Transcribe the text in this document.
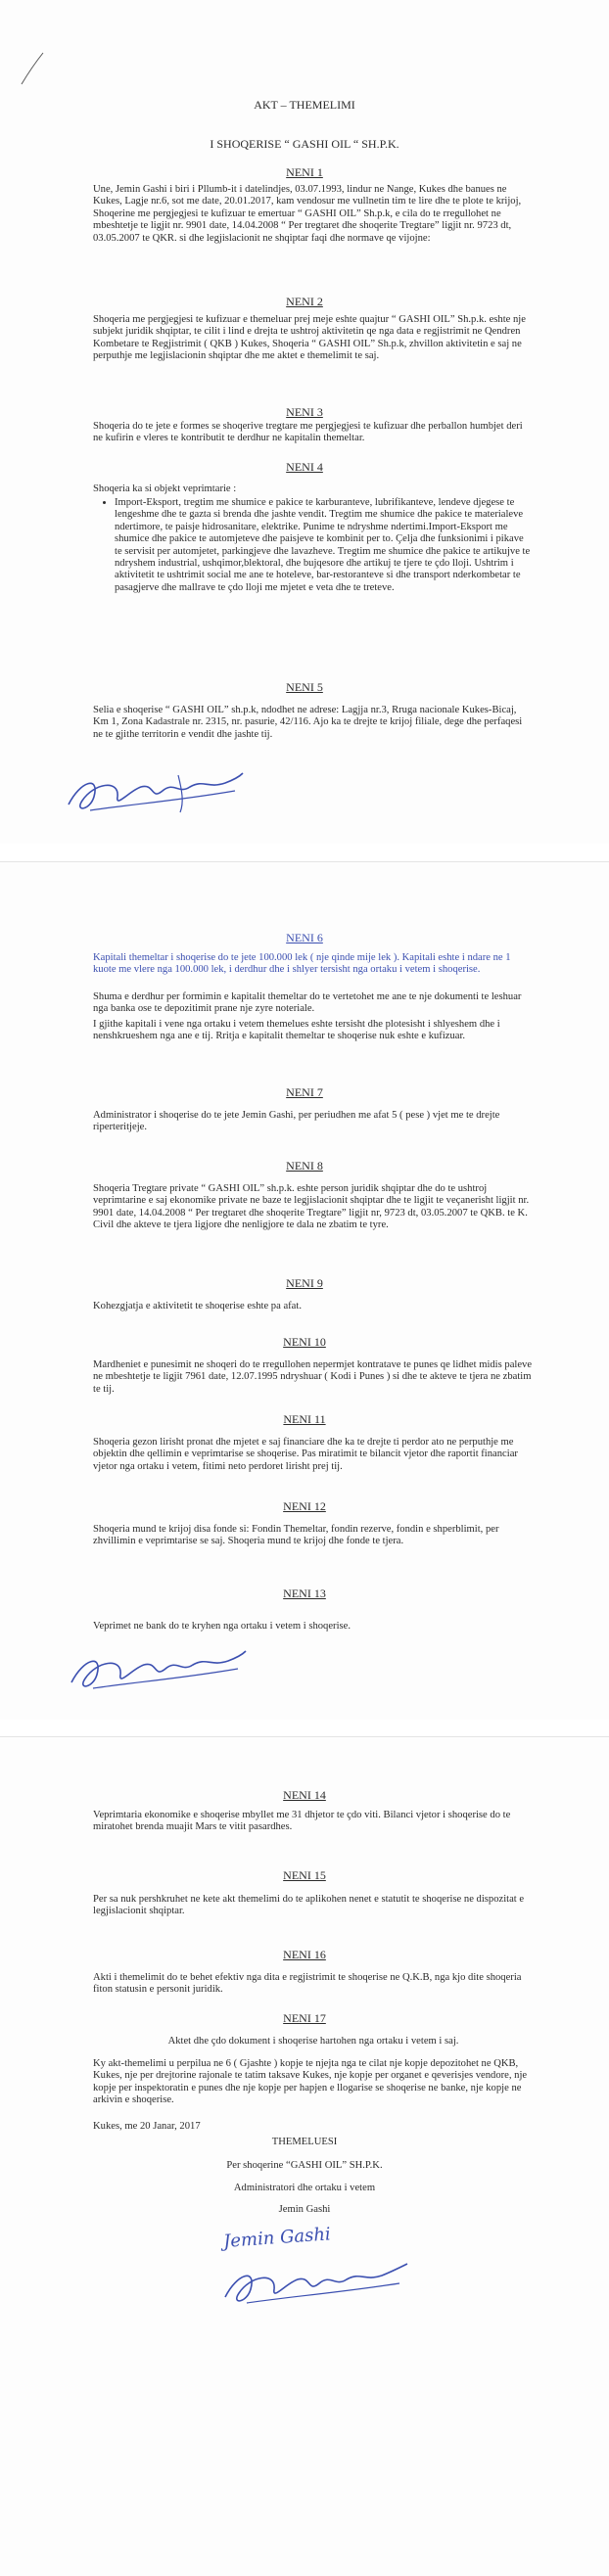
AKT – THEMELIMI

I SHOQERISE “ GASHI OIL “ SH.P.K.

NENI 1

Une, Jemin Gashi i biri i Pllumb-it i datelindjes, 03.07.1993, lindur ne Nange, Kukes dhe banues ne Kukes, Lagje nr.6, sot me date, 20.01.2017, kam vendosur me vullnetin tim te lire dhe te plote te krijoj, Shoqerine me pergjegjesi te kufizuar te emertuar “ GASHI OIL” Sh.p.k, e cila do te rregullohet ne mbeshtetje te ligjit nr. 9901 date, 14.04.2008 “ Per tregtaret dhe shoqerite Tregtare” ligjit nr. 9723 dt, 03.05.2007 te QKR. si dhe legjislacionit ne shqiptar faqi dhe normave qe vijojne:

NENI 2

Shoqeria me pergjegjesi te kufizuar e themeluar prej meje eshte quajtur “ GASHI OIL” Sh.p.k. eshte nje subjekt juridik shqiptar, te cilit i lind e drejta te ushtroj aktivitetin qe nga data e regjistrimit ne Qendren Kombetare te Regjistrimit ( QKB ) Kukes, Shoqeria “ GASHI OIL” Sh.p.k, zhvillon aktivitetin e saj ne perputhje me legjislacionin shqiptar dhe me aktet e themelimit te saj.

NENI 3

Shoqeria do te jete e formes se shoqerive tregtare me pergjegjesi te kufizuar dhe perballon humbjet deri ne kufirin e vleres te kontributit te derdhur ne kapitalin themeltar.

NENI 4

Shoqeria ka si objekt veprimtarie :

• Import-Eksport, tregtim me shumice e pakice te karburanteve, lubrifikanteve, lendeve djegese te lengeshme dhe te gazta si brenda dhe jashte vendit. Tregtim me shumice dhe pakice te materialeve ndertimore, te paisje hidrosanitare, elektrike. Punime te ndryshme ndertimi.Import-Eksport me shumice dhe pakice te automjeteve dhe paisjeve te kombinit per to. Çelja dhe funksionimi i pikave te servisit per automjetet, parkingjeve dhe lavazheve. Tregtim me shumice dhe pakice te artikujve te ndryshem industrial, ushqimor,blektoral, dhe bujqesore dhe artikuj te tjere te çdo lloji. Ushtrim i aktivitetit te ushtrimit social me ane te hoteleve, bar-restoranteve si dhe transport nderkombetar te pasagjerve dhe mallrave te çdo lloji me mjetet e veta dhe te treteve.

NENI 5

Selia e shoqerise “ GASHI OIL” sh.p.k, ndodhet ne adrese: Lagjja nr.3, Rruga nacionale Kukes-Bicaj, Km 1, Zona Kadastrale nr. 2315, nr. pasurie, 42/116. Ajo ka te drejte te krijoj filiale, dege dhe perfaqesi ne te gjithe territorin e vendit dhe jashte tij.

NENI 6

Kapitali themeltar i shoqerise do te jete 100.000 lek ( nje qinde mije lek ). Kapitali eshte i ndare ne 1 kuote me vlere nga 100.000 lek, i derdhur dhe i shlyer tersisht nga ortaku i vetem i shoqerise.

Shuma e derdhur per formimin e kapitalit themeltar do te vertetohet me ane te nje dokumenti te leshuar nga banka ose te depozitimit prane nje zyre noteriale.

I gjithe kapitali i vene nga ortaku i vetem themelues eshte tersisht dhe plotesisht i shlyeshem dhe i nenshkrueshem nga ane e tij. Rritja e kapitalit themeltar te shoqerise nuk eshte e kufizuar.

NENI 7

Administrator i shoqerise do te jete Jemin Gashi, per periudhen me afat 5 ( pese ) vjet me te drejte riperteritjeje.

NENI 8

Shoqeria Tregtare private “ GASHI OIL” sh.p.k. eshte person juridik shqiptar dhe do te ushtroj veprimtarine e saj ekonomike private ne baze te legjislacionit shqiptar dhe te ligjit te veçanerisht ligjit nr. 9901 date, 14.04.2008 “ Per tregtaret dhe shoqerite Tregtare” ligjit nr, 9723 dt, 03.05.2007 te QKB. te K. Civil dhe akteve te tjera ligjore dhe nenligjore te dala ne zbatim te tyre.

NENI 9

Kohezgjatja e aktivitetit te shoqerise eshte pa afat.

NENI 10

Mardheniet e punesimit ne shoqeri do te rregullohen nepermjet kontratave te punes qe lidhet midis paleve ne mbeshtetje te ligjit 7961 date, 12.07.1995 ndryshuar ( Kodi i Punes ) si dhe te akteve te tjera ne zbatim te tij.

NENI 11

Shoqeria gezon lirisht pronat dhe mjetet e saj financiare dhe ka te drejte ti perdor ato ne perputhje me objektin dhe qellimin e veprimtarise se shoqerise. Pas miratimit te bilancit vjetor dhe raportit financiar vjetor nga ortaku i vetem, fitimi neto perdoret lirisht prej tij.

NENI 12

Shoqeria mund te krijoj disa fonde si: Fondin Themeltar, fondin rezerve, fondin e shperblimit, per zhvillimin e veprimtarise se saj. Shoqeria mund te krijoj dhe fonde te tjera.

NENI 13

Veprimet ne bank do te kryhen nga ortaku i vetem i shoqerise.

NENI 14

Veprimtaria ekonomike e shoqerise mbyllet me 31 dhjetor te çdo viti. Bilanci vjetor i shoqerise do te miratohet brenda muajit Mars te vitit pasardhes.

NENI 15

Per sa nuk pershkruhet ne kete akt themelimi do te aplikohen nenet e statutit te shoqerise ne dispozitat e legjislacionit shqiptar.

NENI 16

Akti i themelimit do te behet efektiv nga dita e regjistrimit te shoqerise ne Q.K.B, nga kjo dite shoqeria fiton statusin e personit juridik.

NENI 17

Aktet dhe çdo dokument i shoqerise hartohen nga ortaku i vetem i saj.

Ky akt-themelimi u perpilua ne 6 ( Gjashte ) kopje te njejta nga te cilat nje kopje depozitohet ne QKB, Kukes, nje per drejtorine rajonale te tatim taksave Kukes, nje kopje per organet e qeverisjes vendore, nje kopje per inspektoratin e punes dhe nje kopje per hapjen e llogarise se shoqerise ne banke, nje kopje ne arkivin e shoqerise.

Kukes, me 20 Janar, 2017

THEMELUESI

Per shoqerine “GASHI OIL” SH.P.K.

Administratori dhe ortaku i vetem

Jemin Gashi

Jemin Gashi
